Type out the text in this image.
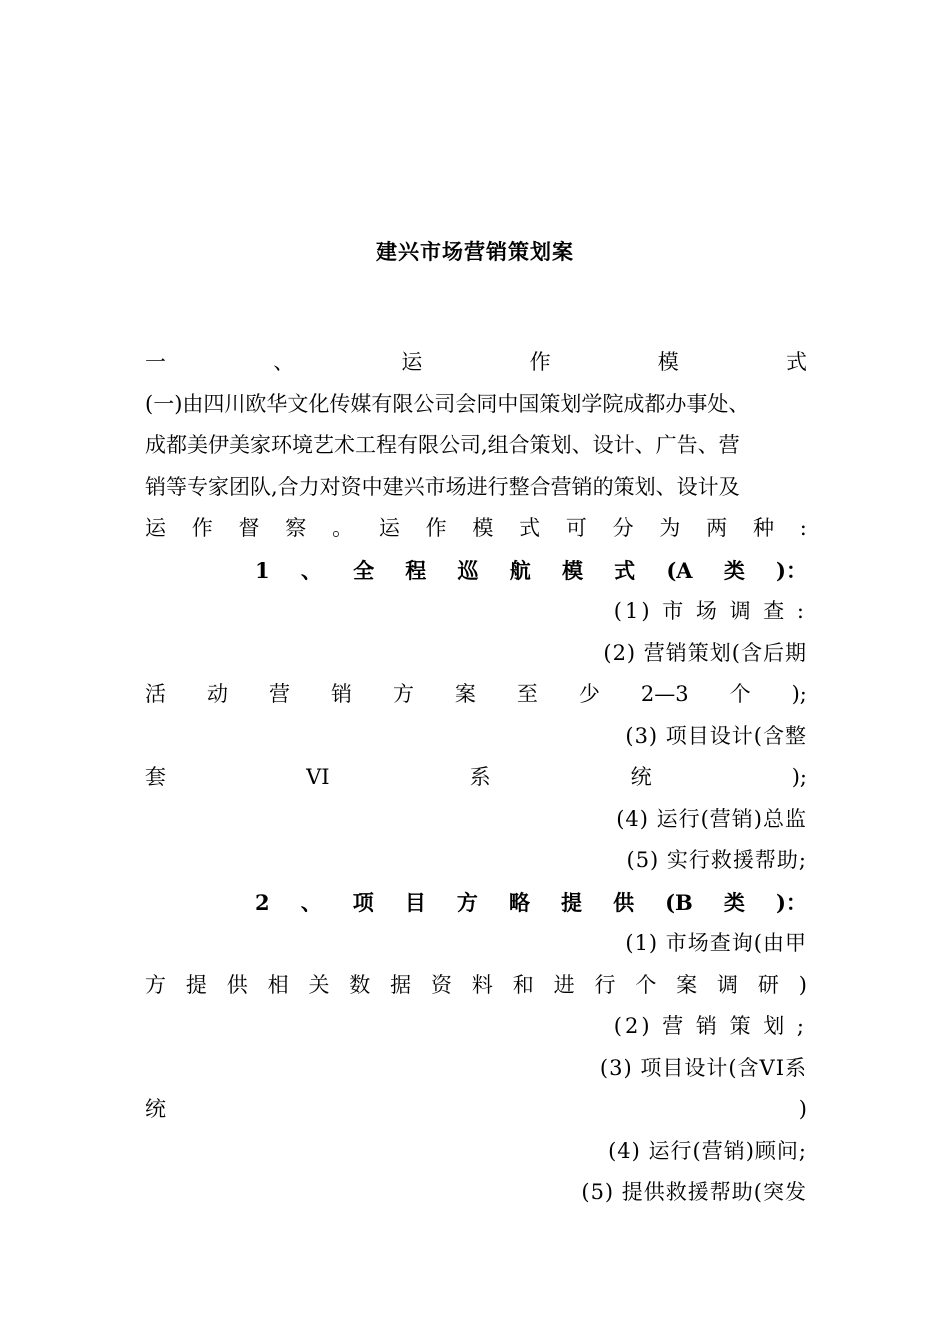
建兴市场营销策划案
一	、	运	作	模	式
(一)由四川欧华文化传媒有限公司会同中国策划学院成都办事处、
成都美伊美家环境艺术工程有限公司,组合策划、设计、广告、营
销等专家团队,合力对资中建兴市场进行整合营销的策划、设计及
运 作 督 察 。 运 作 模 式 可 分 为 两 种 :
1 、 全 程 巡 航 模 式 (A 类 )：
(1) 市 场 调 查 :
(2) 营销策划(含后期
活 动 营 销 方 案 至 少 2—3 个 );
(3) 项目设计(含整
套	VI	系	统	);
(4) 运行(营销)总监
(5) 实行救援帮助;
2 、 项 目 方 略 提 供 (B 类 )：
(1) 市场查询(由甲
方 提 供 相 关 数 据 资 料 和 进 行 个 案 调 研 )
(2) 营 销 策 划 ;
(3) 项目设计(含VI系
统	)
(4) 运行(营销)顾问;
(5) 提供救援帮助(突发
